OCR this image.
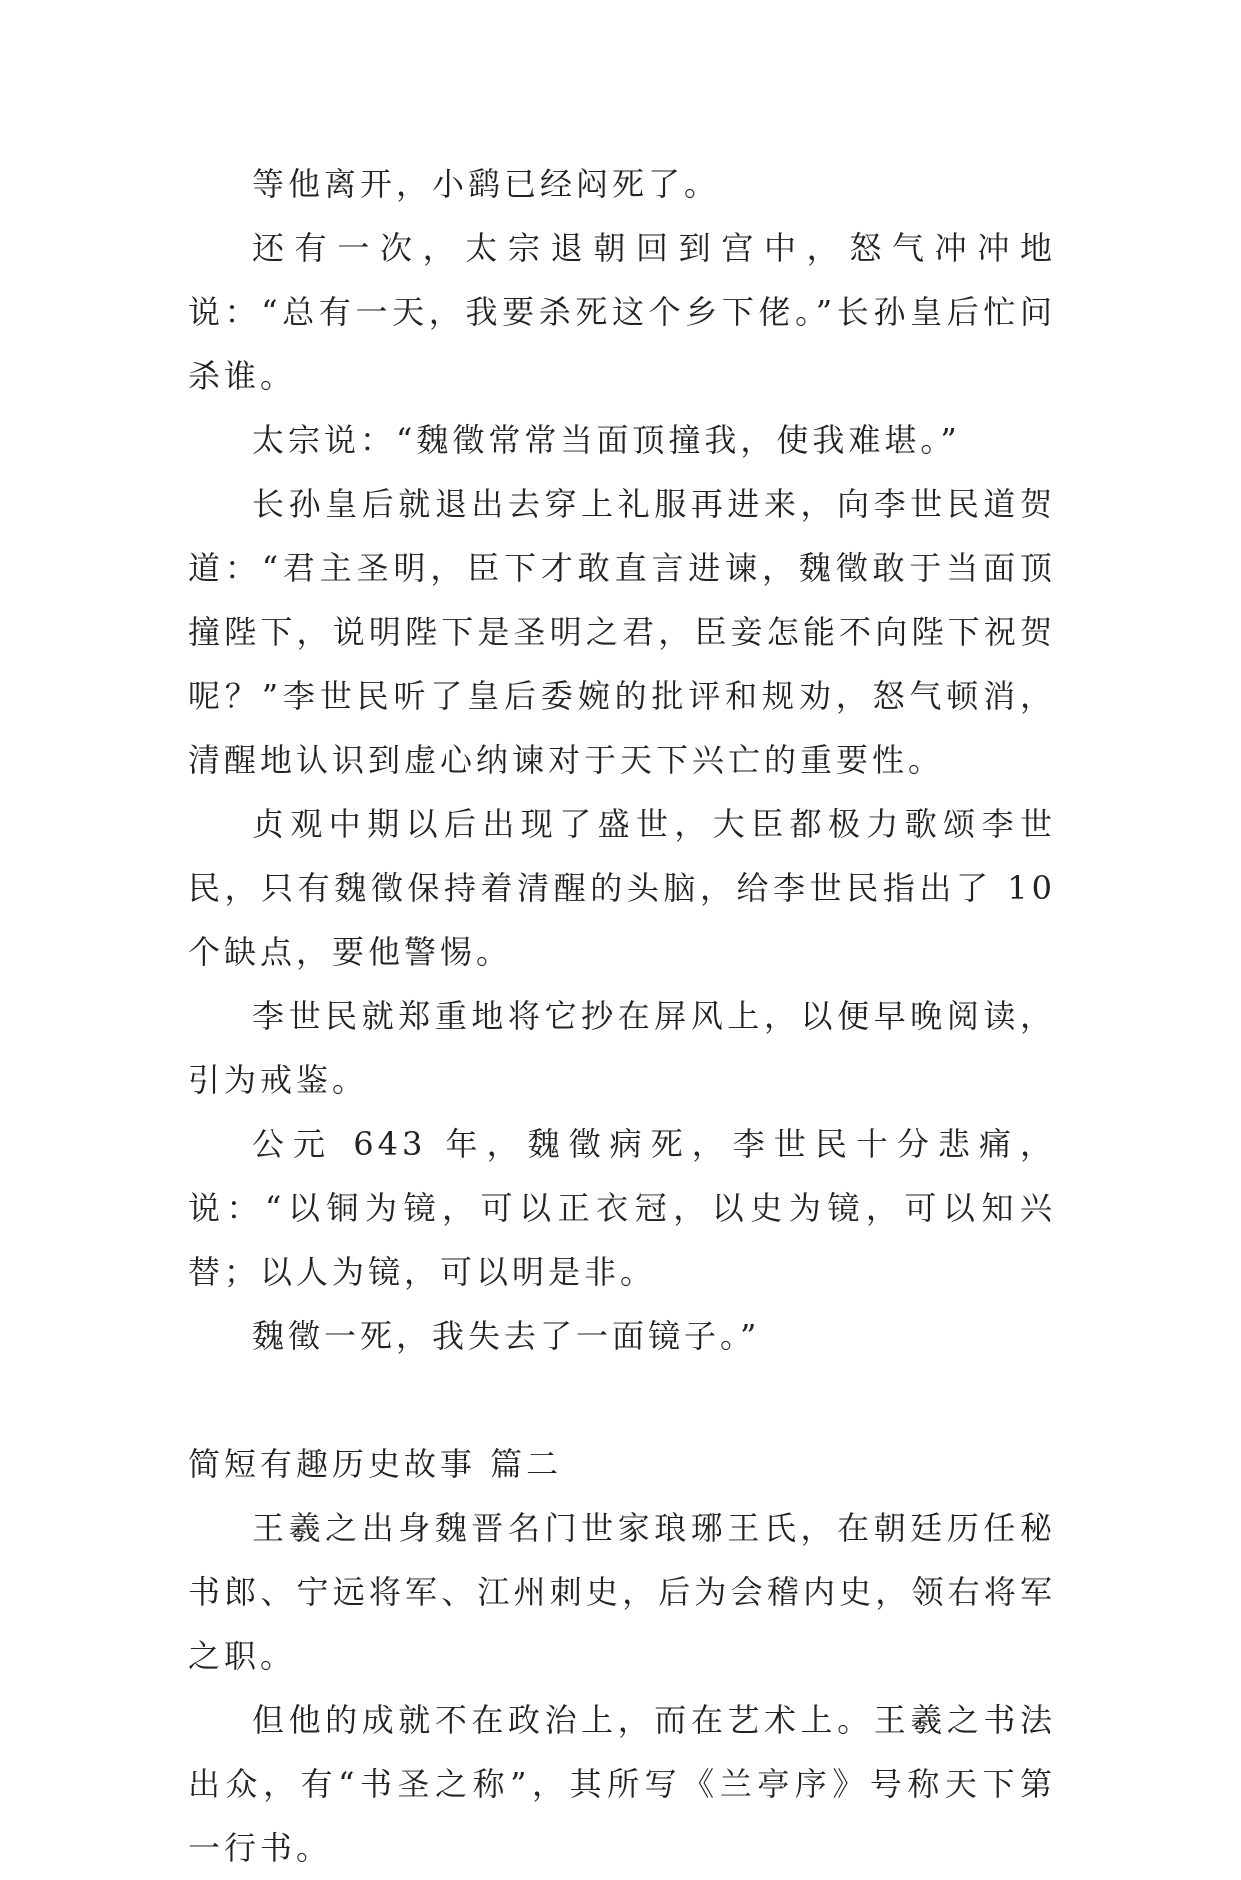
等他离开，小鹞已经闷死了。

还有一次，太宗退朝回到宫中，怒气冲冲地说：“总有一天，我要杀死这个乡下佬。”长孙皇后忙问杀谁。

太宗说：“魏徵常常当面顶撞我，使我难堪。”

长孙皇后就退出去穿上礼服再进来，向李世民道贺道：“君主圣明，臣下才敢直言进谏，魏徵敢于当面顶撞陛下，说明陛下是圣明之君，臣妾怎能不向陛下祝贺呢？”李世民听了皇后委婉的批评和规劝，怒气顿消，清醒地认识到虚心纳谏对于天下兴亡的重要性。

贞观中期以后出现了盛世，大臣都极力歌颂李世民，只有魏徵保持着清醒的头脑，给李世民指出了 10 个缺点，要他警惕。

李世民就郑重地将它抄在屏风上，以便早晚阅读，引为戒鉴。

公元 643 年，魏徵病死，李世民十分悲痛，说：“以铜为镜，可以正衣冠，以史为镜，可以知兴替；以人为镜，可以明是非。

魏徵一死，我失去了一面镜子。”

简短有趣历史故事 篇二

王羲之出身魏晋名门世家琅琊王氏，在朝廷历任秘书郎、宁远将军、江州刺史，后为会稽内史，领右将军之职。

但他的成就不在政治上，而在艺术上。王羲之书法出众，有“书圣之称”，其所写《兰亭序》号称天下第一行书。
